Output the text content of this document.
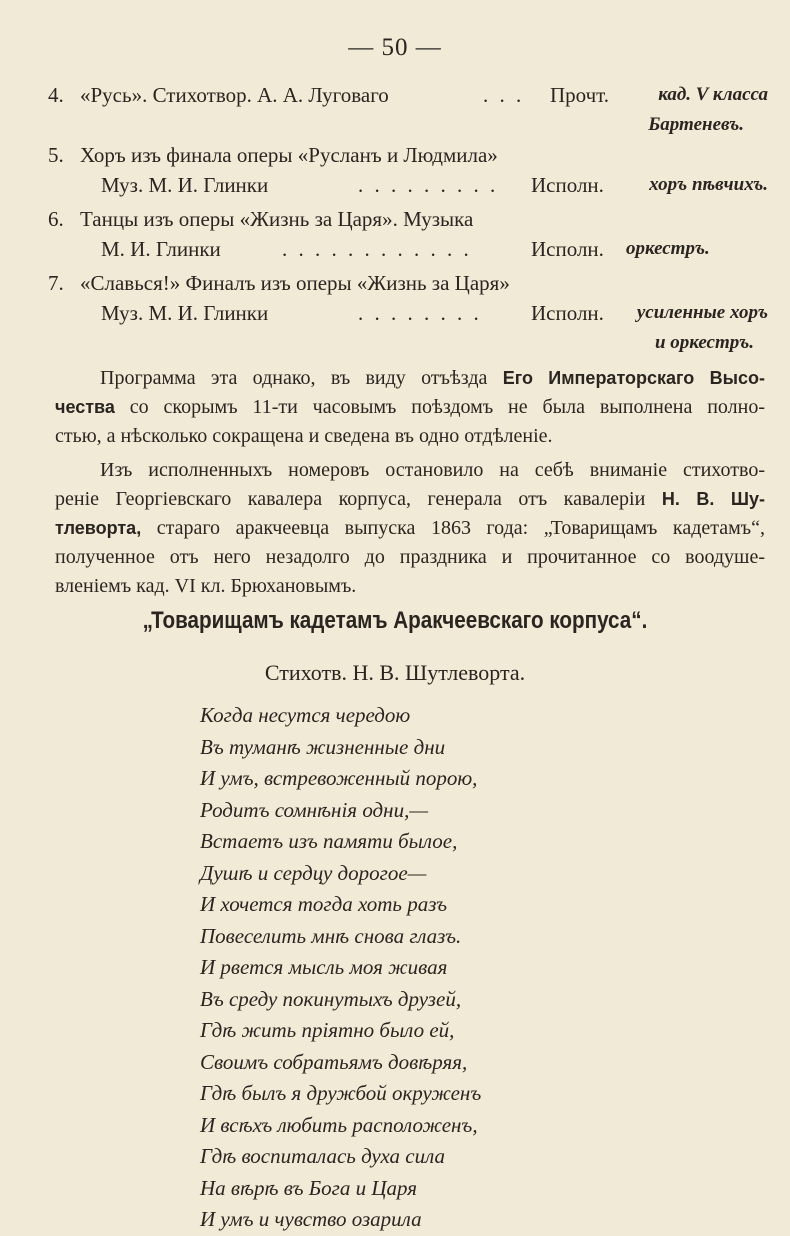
— 50 —
4. «Русь». Стихотвор. А. А. Луговаго	. . . Прочт.	кад. V класса
Бартеневъ.
5. Хоръ изъ финала оперы «Русланъ и Людмила»
Муз. М. И. Глинки	. . . . . . . . . Исполн. хоръ пѣвчихъ.
6. Танцы изъ оперы «Жизнь за Царя». Музыка
М. И. Глинки	. . . . . . . . . . . .	Исполн. оркестръ.
7. «Славься!» Финалъ изъ оперы «Жизнь за Царя»
Муз. М. И. Глинки	. . . . . . . . Исполн. усиленные хоръ
и оркестръ.
Программа эта однако, въ виду отъѣзда Его Императорскаго Высо-
чества со скорымъ 11-ти часовымъ поѣздомъ не была выполнена полно-
стью, а нѣсколько сокращена и сведена въ одно отдѣленіе.
Изъ исполненныхъ номеровъ остановило на себѣ вниманіе стихотво-
реніе Георгіевскаго кавалера корпуса, генерала отъ кавалеріи Н. В. Шу-
тлеворта, стараго аракчеевца выпуска 1863 года: „Товарищамъ кадетамъ“,
полученное отъ него незадолго до праздника и прочитанное со воодуше-
вленіемъ кад. VI кл. Брюхановымъ.
„Товарищамъ кадетамъ Аракчеевскаго корпуса“.
Стихотв. Н. В. Шутлеворта.
Когда несутся чередою
Въ туманѣ жизненные дни
И умъ, встревоженный порою,
Родитъ сомнѣнія одни,—
Встаетъ изъ памяти былое,
Душѣ и сердцу дорогое—
И хочется тогда хоть разъ
Повеселить мнѣ снова глазъ.
И рвется мысль моя живая
Въ среду покинутыхъ друзей,
Гдѣ жить пріятно было ей,
Своимъ собратьямъ довѣряя,
Гдѣ былъ я дружбой окруженъ
И всѣхъ любить расположенъ,
Гдѣ воспиталась духа сила
На вѣрѣ въ Бога и Царя
И умъ и чувство озарила
